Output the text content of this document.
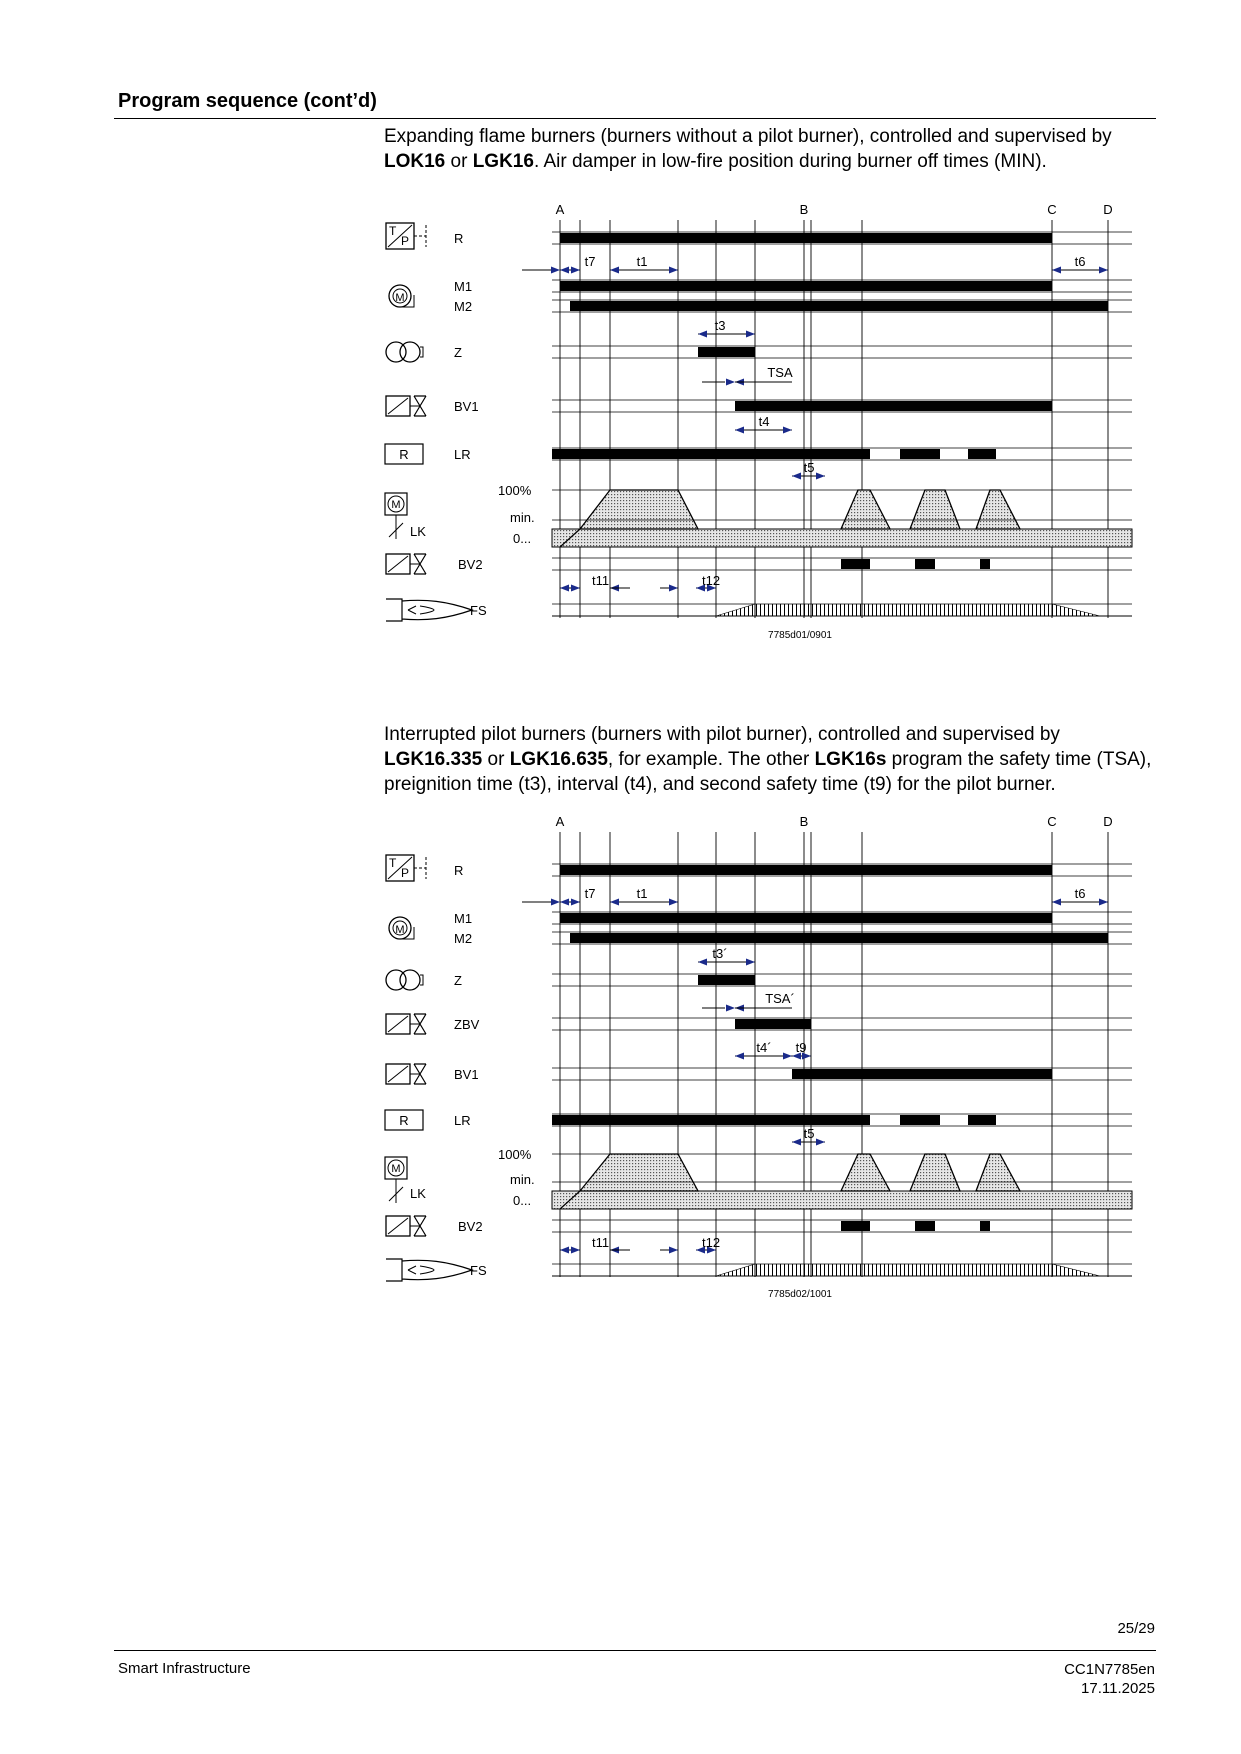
Program sequence (cont’d)

Expanding flame burners (burners without a pilot burner), controlled and supervised by LOK16 or LGK16. Air damper in low-fire position during burner off times (MIN).

A	B	C	D
T
P	R
M
M1
M2
Z
BV1
R	LR
M
LK
100%
min.
0...
BV2
FS
t7	t1	t6
t3
TSA
t4
t5
t11	t12
7785d01/0901

Interrupted pilot burners (burners with pilot burner), controlled and supervised by LGK16.335 or LGK16.635, for example. The other LGK16s program the safety time (TSA), preignition time (t3), interval (t4), and second safety time (t9) for the pilot burner.

A	B	C	D
T
P	R
M
M1
M2
Z
ZBV
BV1
R	LR
M
LK
100%
min.
0...
BV2
FS
t7	t1	t6
t3´
TSA´
t4´ t9
t5
t11	t12
7785d02/1001
25/29
Smart Infrastructure	CC1N7785en
17.11.2025
